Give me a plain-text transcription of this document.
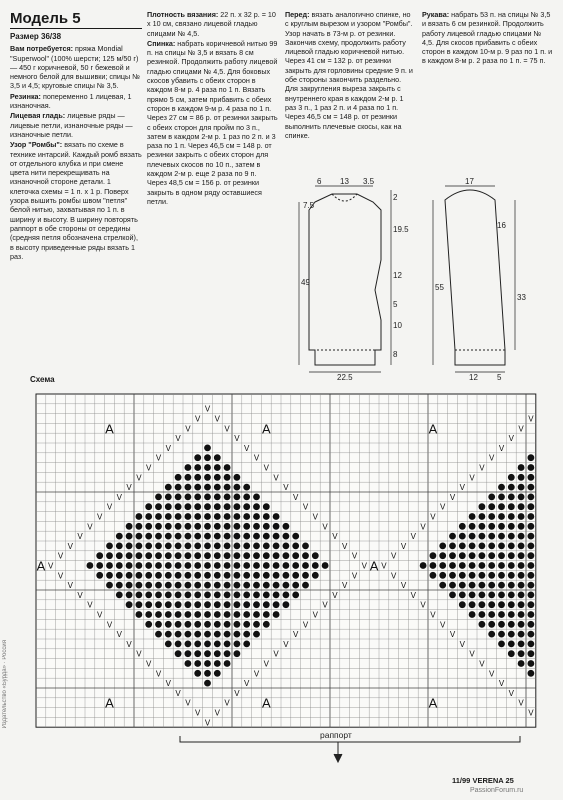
Модель 5
Размер 36/38

Вам потребуется: пряжа Mondial "Superwool" (100% шерсти; 125 м/50 г) — 450 г коричневой, 50 г бежевой и немного белой для вышивки; спицы № 3,5 и 4,5; круговые спицы № 3,5.

Резинка: попеременно 1 лицевая, 1 изнаночная.

Лицевая гладь: лицевые ряды — лицевые петли, изнаночные ряды — изнаночные петли.

Узор "Ромбы": вязать по схеме в технике интарсий. Каждый ромб вязать от отдельного клубка и при смене цвета нити перекрещивать на изнаночной стороне детали. 1 клеточка схемы = 1 п. х 1 р. Поверх узора вышить ромбы швом "петля" белой нитью, захватывая по 1 п. в ширину и высоту. В ширину повторять раппорт в обе стороны от середины (средняя петля обозначена стрелкой), в высоту приведенные ряды вязать 1 раз.

Плотность вязания: 22 п. х 32 р. = 10 х 10 см, связано лицевой гладью спицами № 4,5.

Спинка: набрать коричневой нитью 99 п. на спицы № 3,5 и вязать 8 см резинкой. Продолжить работу лицевой гладью спицами № 4,5. Для боковых скосов убавить с обеих сторон в каждом 8-м р. 4 раза по 1 п. Вязать прямо 5 см, затем прибавить с обеих сторон в каждом 9-м р. 4 раза по 1 п. Через 27 см = 86 р. от резинки закрыть с обеих сторон для пройм по 3 п., затем в каждом 2-м р. 1 раз по 2 п. и 3 раза по 1 п. Через 46,5 см = 148 р. от резинки закрыть с обеих сторон для плечевых скосов по 10 п., затем в каждом 2-м р. еще 2 раза по 9 п. Через 48,5 см = 156 р. от резинки закрыть в одном ряду оставшиеся петли.

Перед: вязать аналогично спинке, но с круглым вырезом и узором "Ромбы". Узор начать в 73-м р. от резинки. Закончив схему, продолжить работу лицевой гладью коричневой нитью. Через 41 см = 132 р. от резинки закрыть для горловины средние 9 п. и обе стороны закончить раздельно. Для закругления выреза закрыть с внутреннего края в каждом 2-м р. 1 раз 3 п., 1 раз 2 п. и 4 раза по 1 п. Через 46,5 см = 148 р. от резинки выполнить плечевые скосы, как на спинке.

Рукава: набрать 53 п. на спицы № 3,5 и вязать 6 см резинкой. Продолжить работу лицевой гладью спицами № 4,5. Для скосов прибавить с обеих сторон в каждом 10-м р. 9 раз по 1 п. и в каждом 8-м р. 2 раза по 1 п. = 75 п.

6 13 3.5
2
19.5
12
5
10
8
7.5
49
22.5
17
16
33
55
12 5
Схема
V
V V	V
V	V	V
V	V	V
V	V	V
V	V	V
V	V	V
V	V	V
V	V	V
V	V	V
V	V	V
V	V	V
V	V	V
V	V	V
V	V	V
V	V	V
V	V V
V	V	V
V	V	V
V	V	V
V	V	V
V	V	V
V	V	V
V	V	V
V	V	V
V	V	V
V	V	V
V	V	V
V	V	V
V	V	V
V	V	V
V V	V
V
A	A	A
A	A	A
A	A
раппорт
11/99 VERENA 25
PassionForum.ru
Издательство «Бурда» · Россия
